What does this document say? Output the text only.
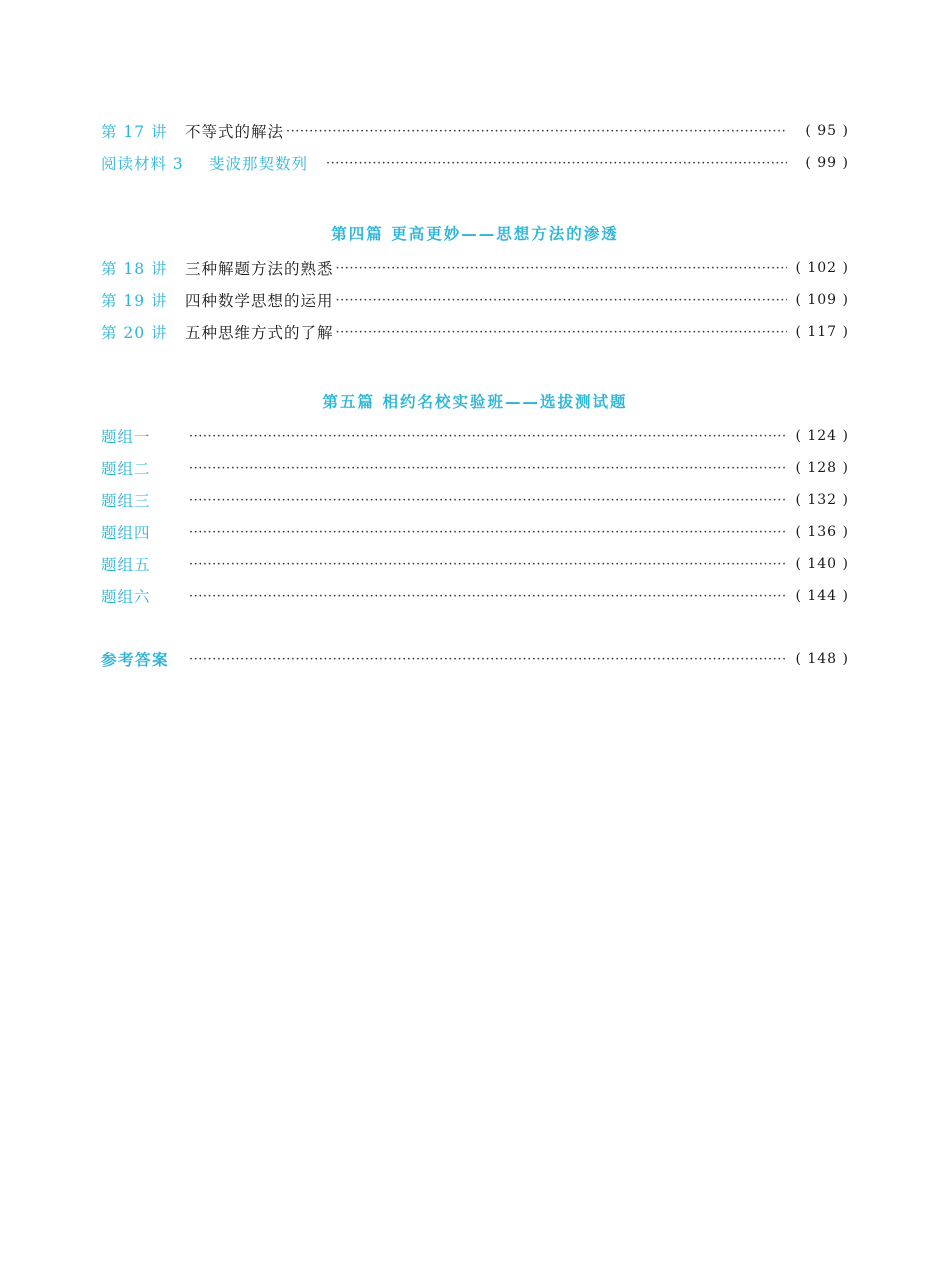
第 17 讲	不等式的解法 ·····	( 95 )
阅读材料 3	斐波那契数列 ·····	( 99 )
第四篇 更高更妙——思想方法的渗透
第 18 讲	三种解题方法的熟悉 ·····	( 102 )
第 19 讲	四种数学思想的运用 ·····	( 109 )
第 20 讲	五种思维方式的了解 ·····	( 117 )
第五篇 相约名校实验班——选拔测试题
题组一 ·····	( 124 )
题组二 ·····	( 128 )
题组三 ·····	( 132 )
题组四 ·····	( 136 )
题组五 ·····	( 140 )
题组六 ·····	( 144 )
参考答案 ·····	( 148 )
